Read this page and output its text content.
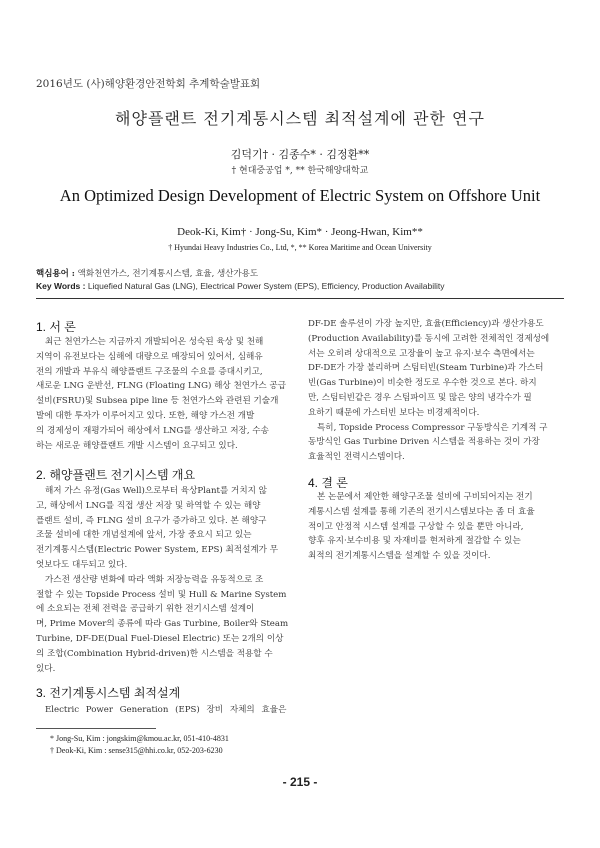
2016년도 (사)해양환경안전학회 추계학술발표회
해양플랜트 전기계통시스템 최적설계에 관한 연구
김덕기† · 김종수* · 김정환**
† 현대중공업 *, ** 한국해양대학교
An Optimized Design Development of Electric System on Offshore Unit
Deok-Ki, Kim† · Jong-Su, Kim* · Jeong-Hwan, Kim**
† Hyundai Heavy Industries Co., Ltd, *, ** Korea Maritime and Ocean University
핵심용어 : 액화천연가스, 전기계통시스템, 효율, 생산가용도
Key Words : Liquefied Natural Gas (LNG), Electrical Power System (EPS), Efficiency, Production Availability
1. 서 론

최근 천연가스는 지금까지 개발되어온 성숙된 육상 및 천해
지역이 유전보다는 심해에 대량으로 매장되어 있어서, 심해유
전의 개발과 부유식 해양플랜트 구조물의 수요를 증대시키고,
새로운 LNG 운반선, FLNG (Floating LNG) 해상 천연가스 공급
설비(FSRU)및 Subsea pipe line 등 천연가스와 관련된 기술개
발에 대한 투자가 이루어지고 있다. 또한, 해양 가스전 개발
의 경제성이 재평가되어 해상에서 LNG를 생산하고 저장, 수송
하는 새로운 해양플랜트 개발 시스템이 요구되고 있다.

2. 해양플랜트 전기시스템 개요

해저 가스 유정(Gas Well)으로부터 육상Plant를 거치지 않
고, 해상에서 LNG를 직접 생산 저장 및 하역할 수 있는 해양
플랜트 설비, 즉 FLNG 설비 요구가 증가하고 있다. 본 해양구
조물 설비에 대한 개념설계에 앞서, 가장 중요시 되고 있는
전기계통시스템(Electric Power System, EPS) 최적설계가 무
엇보다도 대두되고 있다.

가스전 생산량 변화에 따라 액화 저장능력을 유동적으로 조
절할 수 있는 Topside Process 설비 및 Hull & Marine System
에 소요되는 전체 전력을 공급하기 위한 전기시스템 설계이
며, Prime Mover의 종류에 따라 Gas Turbine, Boiler와 Steam
Turbine, DF-DE(Dual Fuel-Diesel Electric) 또는 2개의 이상
의 조합(Combination Hybrid-driven)한 시스템을 적용할 수
있다.

3. 전기계통시스템 최적설계

Electric Power Generation (EPS) 장비 자체의 효율은

DF-DE 솔루션이 가장 높지만, 효율(Efficiency)과 생산가용도
(Production Availability)를 동시에 고려한 전체적인 경제성에
서는 오히려 상대적으로 고장율이 높고 유지·보수 측면에서는
DF-DE가 가장 불리하며 스팀터빈(Steam Turbine)과 가스터
빈(Gas Turbine)이 비슷한 정도로 우수한 것으로 본다. 하지
만, 스팀터빈같은 경우 스팀파이프 및 많은 양의 냉각수가 필
요하기 때문에 가스터빈 보다는 비경제적이다.

특히, Topside Process Compressor 구동방식은 기계적 구
동방식인 Gas Turbine Driven 시스템을 적용하는 것이 가장
효율적인 전력시스템이다.

4. 결 론

본 논문에서 제안한 해양구조물 설비에 구비되어지는 전기
계통시스템 설계를 통해 기존의 전기시스템보다는 좀 더 효율
적이고 안정적 시스템 설계를 구상할 수 있을 뿐만 아니라,
향후 유지·보수비용 및 자재비를 현저하게 절감할 수 있는
최적의 전기계통시스템을 설계할 수 있을 것이다.

* Jong-Su, Kim : jongskim@kmou.ac.kr, 051-410-4831
† Deok-Ki, Kim : sense315@hhi.co.kr, 052-203-6230
- 215 -
